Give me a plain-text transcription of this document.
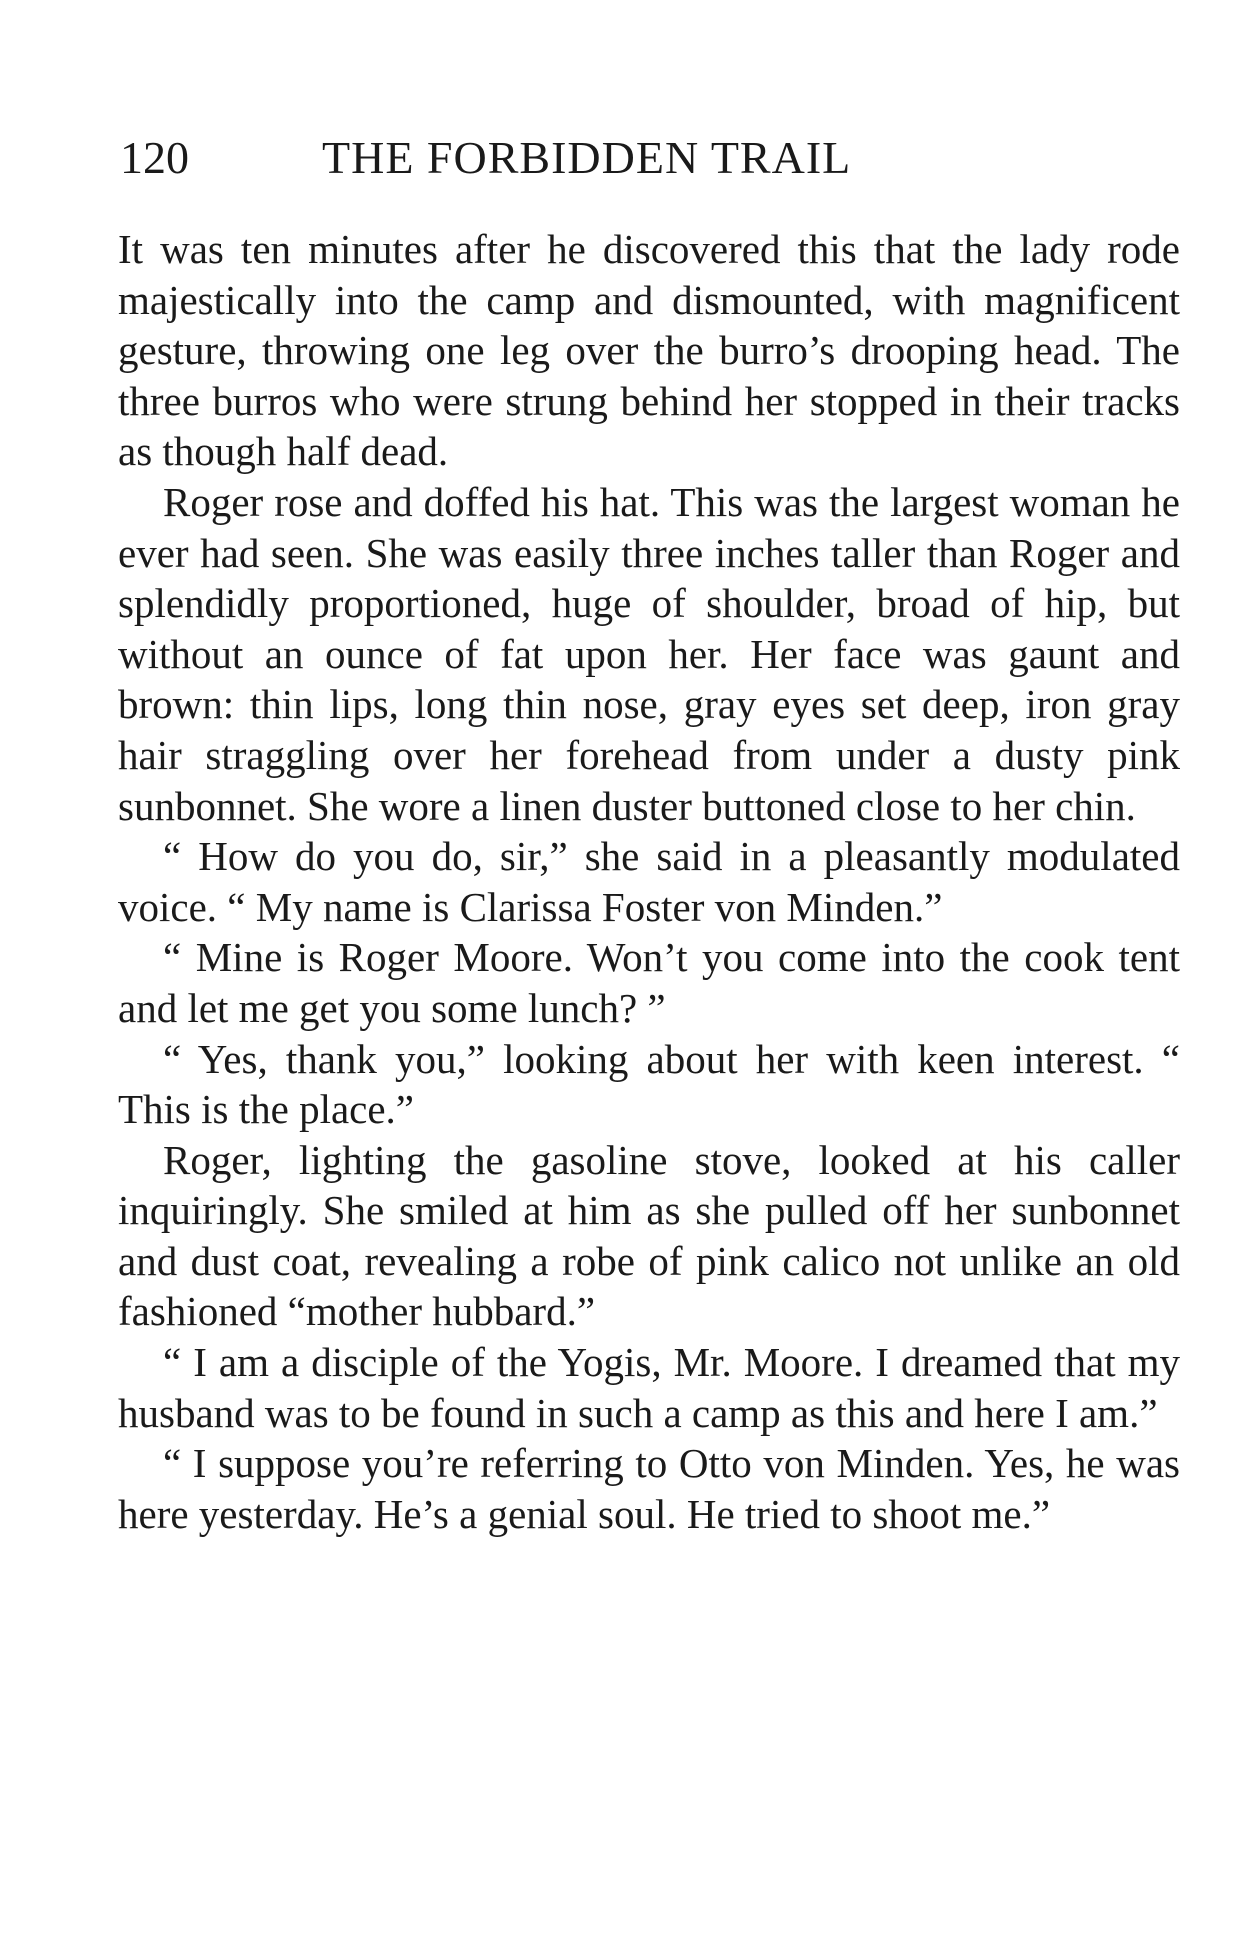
120	THE FORBIDDEN TRAIL

It was ten minutes after he discovered this that the lady rode majestically into the camp and dismounted, with magnificent gesture, throwing one leg over the burro’s drooping head. The three burros who were strung behind her stopped in their tracks as though half dead.

Roger rose and doffed his hat. This was the largest woman he ever had seen. She was easily three inches taller than Roger and splendidly proportioned, huge of shoulder, broad of hip, but without an ounce of fat upon her. Her face was gaunt and brown: thin lips, long thin nose, gray eyes set deep, iron gray hair straggling over her forehead from under a dusty pink sunbonnet. She wore a linen duster buttoned close to her chin.

“ How do you do, sir,” she said in a pleasantly modulated voice. “ My name is Clarissa Foster von Minden.”

“ Mine is Roger Moore. Won’t you come into the cook tent and let me get you some lunch? ”

“ Yes, thank you,” looking about her with keen interest. “ This is the place.”

Roger, lighting the gasoline stove, looked at his caller inquiringly. She smiled at him as she pulled off her sunbonnet and dust coat, revealing a robe of pink calico not unlike an old fashioned “mother hubbard.”

“ I am a disciple of the Yogis, Mr. Moore. I dreamed that my husband was to be found in such a camp as this and here I am.”

“ I suppose you’re referring to Otto von Minden. Yes, he was here yesterday. He’s a genial soul. He tried to shoot me.”
